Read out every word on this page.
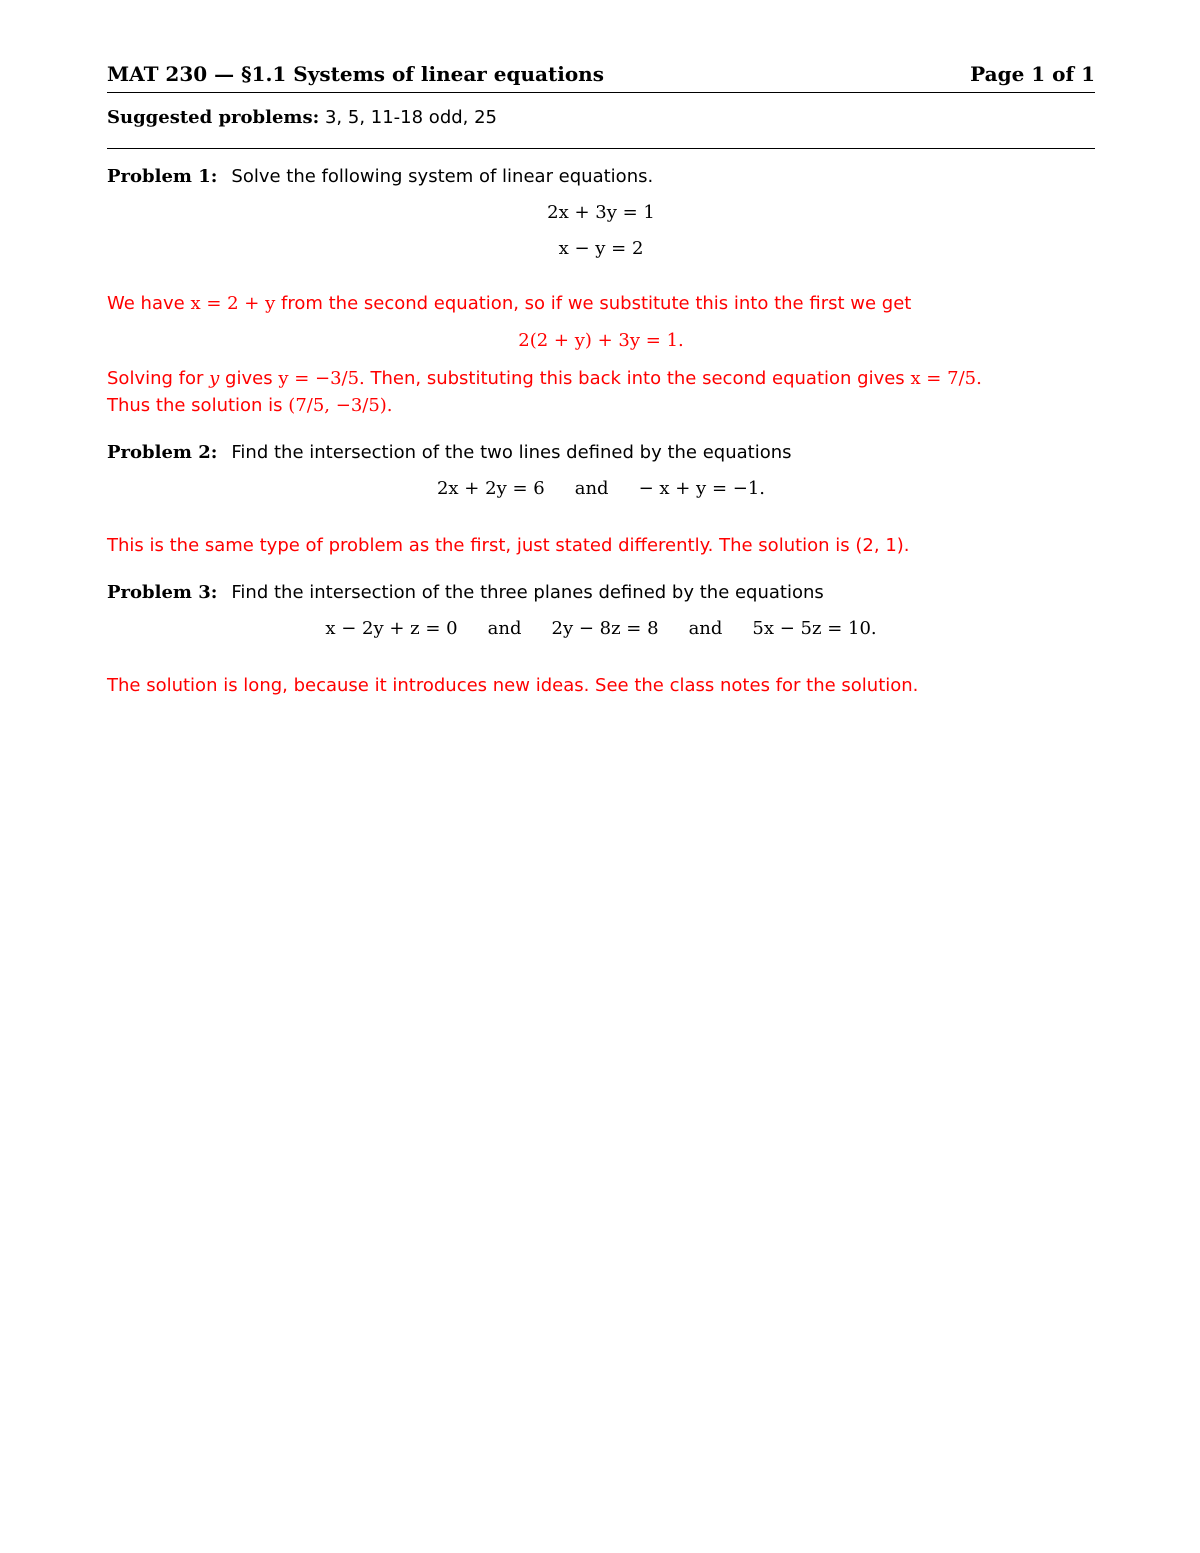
MAT 230 — §1.1 Systems of linear equations	Page 1 of 1
Suggested problems: 3, 5, 11-18 odd, 25
Problem 1: Solve the following system of linear equations.
2x + 3y = 1
x − y = 2
We have x = 2 + y from the second equation, so if we substitute this into the first we get
2(2 + y) + 3y = 1.
Solving for y gives y = −3/5. Then, substituting this back into the second equation gives x = 7/5.
Thus the solution is (7/5, −3/5).
Problem 2: Find the intersection of the two lines defined by the equations
2x + 2y = 6 and − x + y = −1.
This is the same type of problem as the first, just stated differently. The solution is (2, 1).
Problem 3: Find the intersection of the three planes defined by the equations
x − 2y + z = 0 and 2y − 8z = 8 and 5x − 5z = 10.
The solution is long, because it introduces new ideas. See the class notes for the solution.
